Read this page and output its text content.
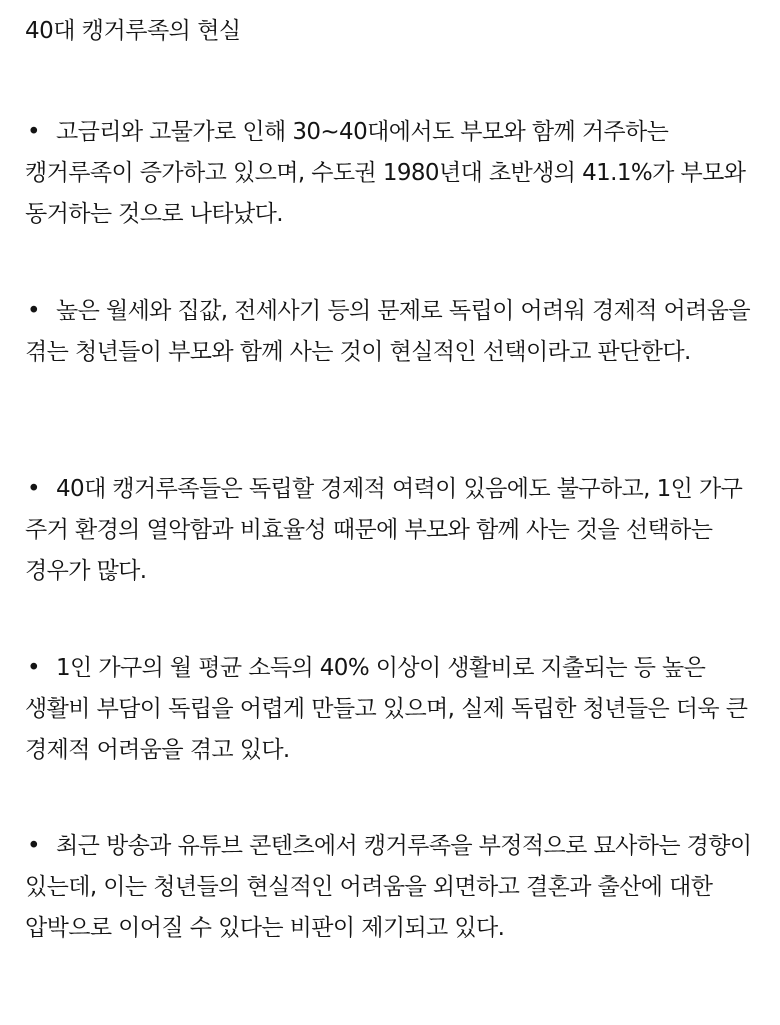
40대 캥거루족의 현실

• 고금리와 고물가로 인해 30~40대에서도 부모와 함께 거주하는 캥거루족이 증가하고 있으며, 수도권 1980년대 초반생의 41.1%가 부모와 동거하는 것으로 나타났다.

• 높은 월세와 집값, 전세사기 등의 문제로 독립이 어려워 경제적 어려움을 겪는 청년들이 부모와 함께 사는 것이 현실적인 선택이라고 판단한다.

• 40대 캥거루족들은 독립할 경제적 여력이 있음에도 불구하고, 1인 가구 주거 환경의 열악함과 비효율성 때문에 부모와 함께 사는 것을 선택하는 경우가 많다.

• 1인 가구의 월 평균 소득의 40% 이상이 생활비로 지출되는 등 높은 생활비 부담이 독립을 어렵게 만들고 있으며, 실제 독립한 청년들은 더욱 큰 경제적 어려움을 겪고 있다.

• 최근 방송과 유튜브 콘텐츠에서 캥거루족을 부정적으로 묘사하는 경향이 있는데, 이는 청년들의 현실적인 어려움을 외면하고 결혼과 출산에 대한 압박으로 이어질 수 있다는 비판이 제기되고 있다.
